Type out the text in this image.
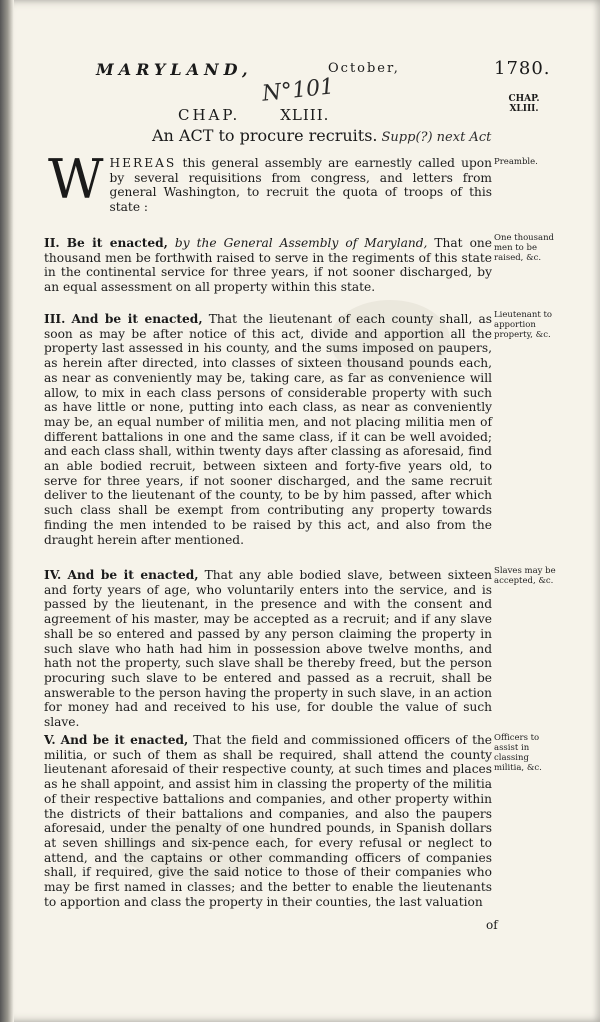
MARYLAND,	October,	1780.
N°101
CHAP.	XLIII.
CHAP. XLIII.
An ACT to procure recruits. Supp(?) next Act
WHEREAS this general assembly are earnestly called upon by several requisitions from congress, and letters from general Washington, to recruit the quota of troops of this state :
Preamble.
II. Be it enacted, by the General Assembly of Maryland, That one thousand men be forthwith raised to serve in the regiments of this state in the continental service for three years, if not sooner discharged, by an equal assessment on all property within this state.
One thousand men to be raised, &c.
III. And be it enacted, That the lieutenant of each county shall, as soon as may be after notice of this act, divide and apportion all the property last assessed in his county, and the sums imposed on paupers, as herein after directed, into classes of sixteen thousand pounds each, as near as conveniently may be, taking care, as far as convenience will allow, to mix in each class persons of considerable property with such as have little or none, putting into each class, as near as conveniently may be, an equal number of militia men, and not placing militia men of different battalions in one and the same class, if it can be well avoided; and each class shall, within twenty days after classing as aforesaid, find an able bodied recruit, between sixteen and forty-five years old, to serve for three years, if not sooner discharged, and the same recruit deliver to the lieutenant of the county, to be by him passed, after which such class shall be exempt from contributing any property towards finding the men intended to be raised by this act, and also from the draught herein after mentioned.
Lieutenant to apportion property, &c.
IV. And be it enacted, That any able bodied slave, between sixteen and forty years of age, who voluntarily enters into the service, and is passed by the lieutenant, in the presence and with the consent and agreement of his master, may be accepted as a recruit; and if any slave shall be so entered and passed by any person claiming the property in such slave who hath had him in possession above twelve months, and hath not the property, such slave shall be thereby freed, but the person procuring such slave to be entered and passed as a recruit, shall be answerable to the person having the property in such slave, in an action for money had and received to his use, for double the value of such slave.
Slaves may be accepted, &c.
V. And be it enacted, That the field and commissioned officers of the militia, or such of them as shall be required, shall attend the county lieutenant aforesaid of their respective county, at such times and places as he shall appoint, and assist him in classing the property of the militia of their respective battalions and companies, and other property within the districts of their battalions and companies, and also the paupers aforesaid, under the penalty of one hundred pounds, in Spanish dollars at seven shillings and six-pence each, for every refusal or neglect to attend, and the captains or other commanding officers of companies shall, if required, give the said notice to those of their companies who may be first named in classes; and the better to enable the lieutenants to apportion and class the property in their counties, the last valuation
Officers to assist in classing militia, &c.
of
